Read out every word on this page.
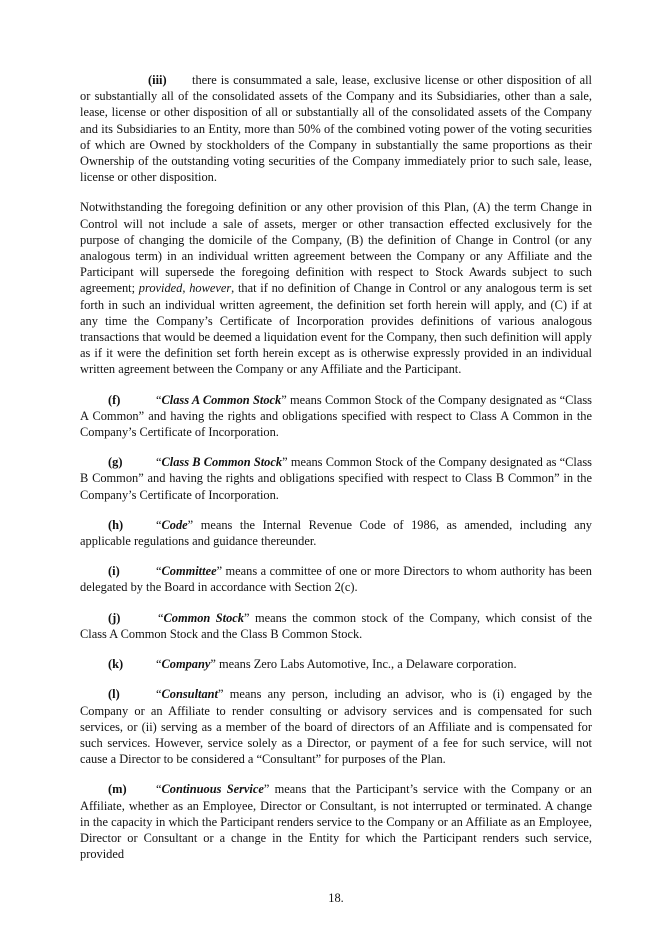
(iii) there is consummated a sale, lease, exclusive license or other disposition of all or substantially all of the consolidated assets of the Company and its Subsidiaries, other than a sale, lease, license or other disposition of all or substantially all of the consolidated assets of the Company and its Subsidiaries to an Entity, more than 50% of the combined voting power of the voting securities of which are Owned by stockholders of the Company in substantially the same proportions as their Ownership of the outstanding voting securities of the Company immediately prior to such sale, lease, license or other disposition.

Notwithstanding the foregoing definition or any other provision of this Plan, (A) the term Change in Control will not include a sale of assets, merger or other transaction effected exclusively for the purpose of changing the domicile of the Company, (B) the definition of Change in Control (or any analogous term) in an individual written agreement between the Company or any Affiliate and the Participant will supersede the foregoing definition with respect to Stock Awards subject to such agreement; provided, however, that if no definition of Change in Control or any analogous term is set forth in such an individual written agreement, the definition set forth herein will apply, and (C) if at any time the Company’s Certificate of Incorporation provides definitions of various analogous transactions that would be deemed a liquidation event for the Company, then such definition will apply as if it were the definition set forth herein except as is otherwise expressly provided in an individual written agreement between the Company or any Affiliate and the Participant.

(f)	“Class A Common Stock” means Common Stock of the Company designated as “Class A Common” and having the rights and obligations specified with respect to Class A Common in the Company’s Certificate of Incorporation.

(g)	“Class B Common Stock” means Common Stock of the Company designated as “Class B Common” and having the rights and obligations specified with respect to Class B Common” in the Company’s Certificate of Incorporation.

(h)	“Code” means the Internal Revenue Code of 1986, as amended, including any applicable regulations and guidance thereunder.

(i)	“Committee” means a committee of one or more Directors to whom authority has been delegated by the Board in accordance with Section 2(c).

(j)	“Common Stock” means the common stock of the Company, which consist of the Class A Common Stock and the Class B Common Stock.

(k)	“Company” means Zero Labs Automotive, Inc., a Delaware corporation.

(l)	“Consultant” means any person, including an advisor, who is (i) engaged by the Company or an Affiliate to render consulting or advisory services and is compensated for such services, or (ii) serving as a member of the board of directors of an Affiliate and is compensated for such services. However, service solely as a Director, or payment of a fee for such service, will not cause a Director to be considered a “Consultant” for purposes of the Plan.

(m) “Continuous Service” means that the Participant’s service with the Company or an Affiliate, whether as an Employee, Director or Consultant, is not interrupted or terminated. A change in the capacity in which the Participant renders service to the Company or an Affiliate as an Employee, Director or Consultant or a change in the Entity for which the Participant renders such service, provided

18.
